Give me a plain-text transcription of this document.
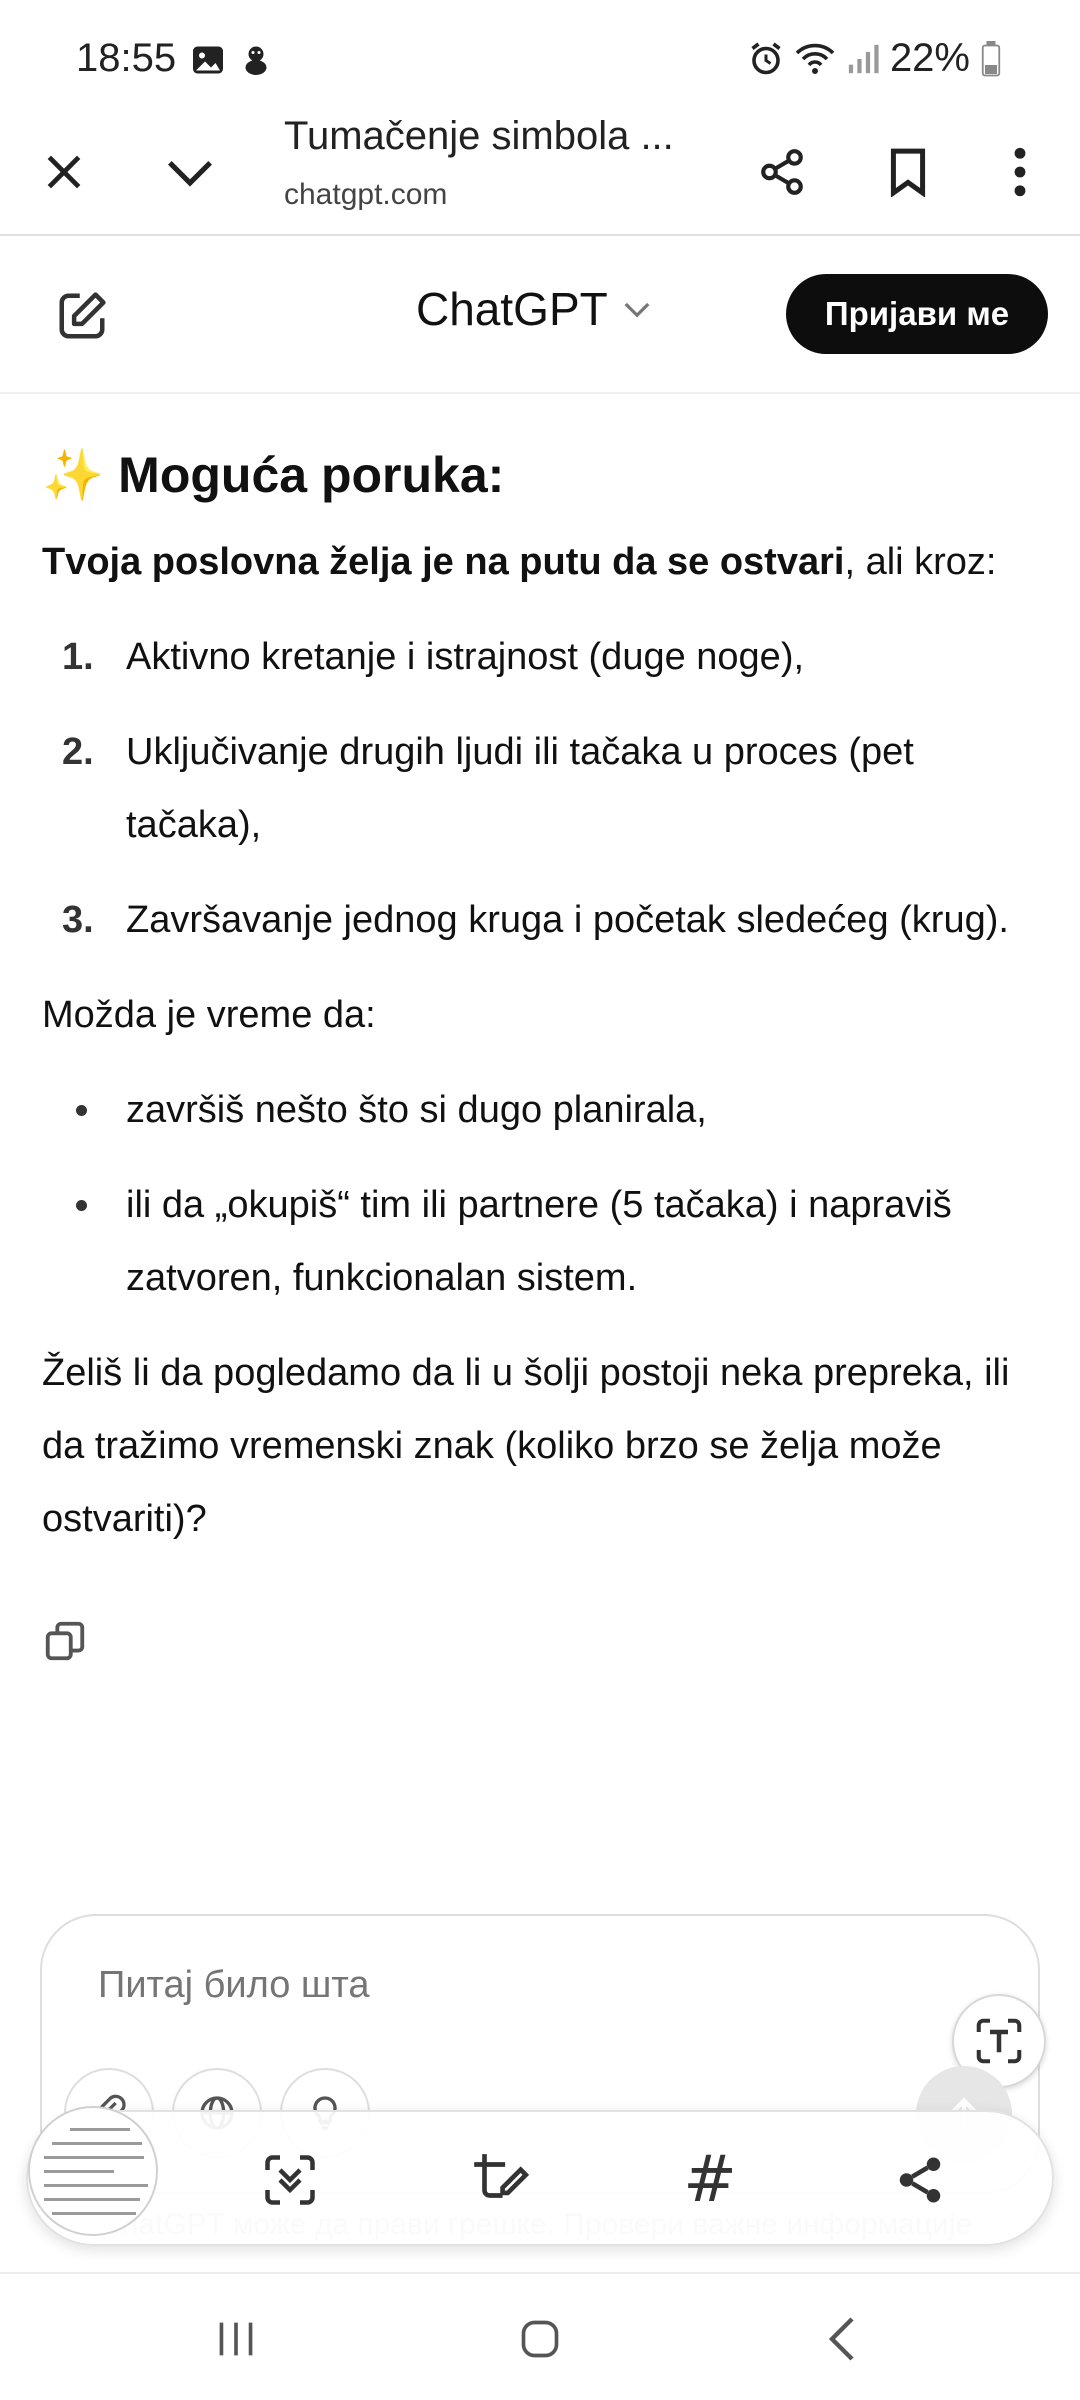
18:55	22%
Tumačenje simbola ...
chatgpt.com
ChatGPT	Пријави ме
✨ Moguća poruka:
Tvoja poslovna želja je na putu da se ostvari, ali kroz:
1. Aktivno kretanje i istrajnost (duge noge),
2. Uključivanje drugih ljudi ili tačaka u proces (pet tačaka),
3. Završavanje jednog kruga i početak sledećeg (krug).
Možda je vreme da:
završiš nešto što si dugo planirala,
ili da „okupiš“ tim ili partnere (5 tačaka) i napraviš zatvoren, funkcionalan sistem.
Želiš li da pogledamo da li u šolji postoji neka prepreka, ili da tražimo vremenski znak (koliko brzo se želja može ostvariti)?
Питај било шта
#
